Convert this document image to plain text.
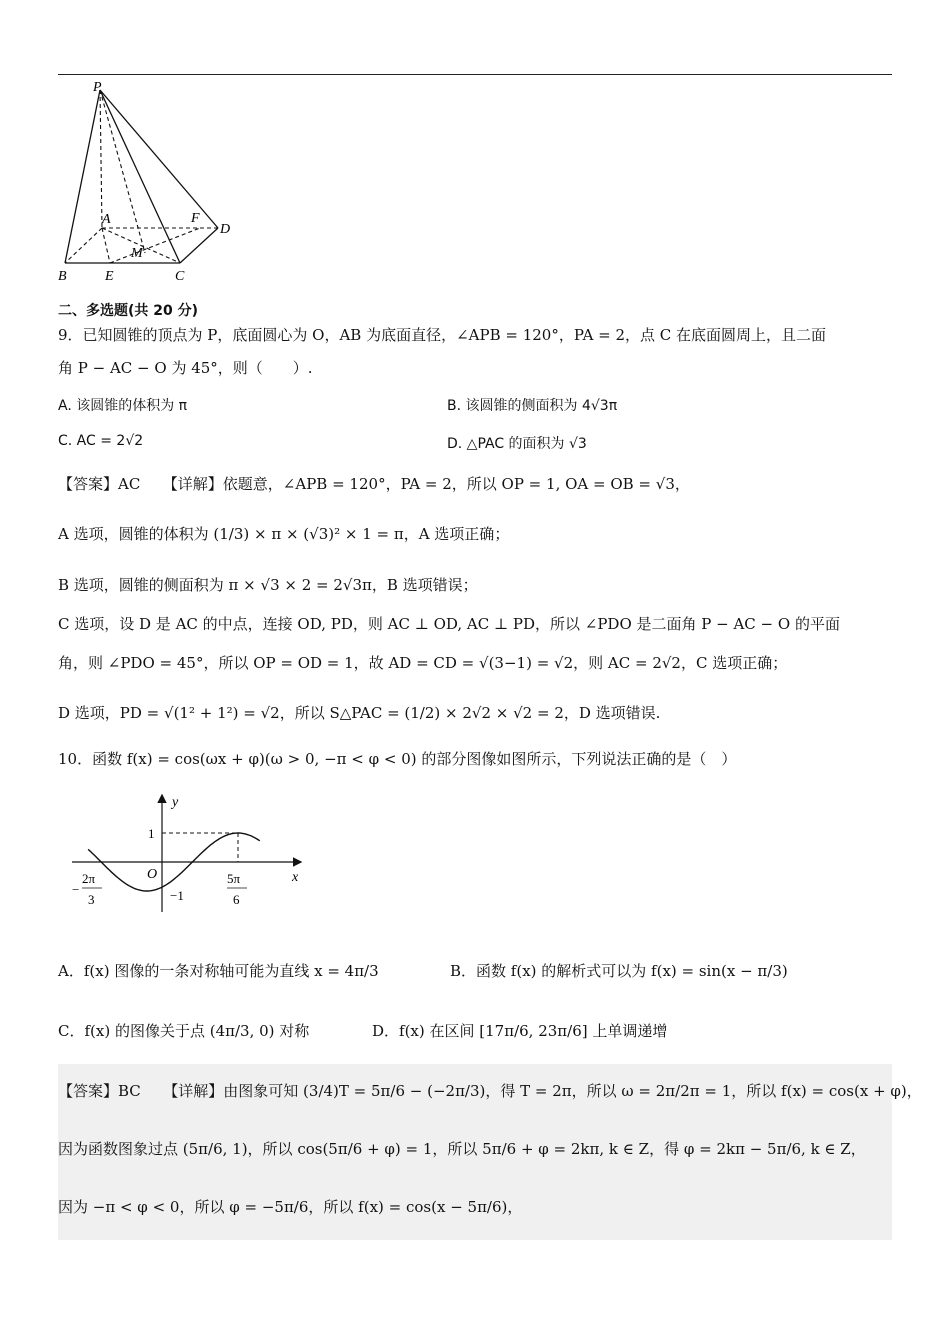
P
A	F
D
M
B	E	C
二、多选题(共 20 分)
9．已知圆锥的顶点为 P，底面圆心为 O，AB 为底面直径，∠APB = 120°，PA = 2，点 C 在底面圆周上，且二面
角 P − AC − O 为 45°，则（　　）.
A. 该圆锥的体积为 π	B. 该圆锥的侧面积为 4√3π
C. AC = 2√2	D. △PAC 的面积为 √3
【答案】AC　　【详解】依题意，∠APB = 120°，PA = 2，所以 OP = 1, OA = OB = √3，
A 选项，圆锥的体积为 (1/3) × π × (√3)² × 1 = π，A 选项正确；
B 选项，圆锥的侧面积为 π × √3 × 2 = 2√3π，B 选项错误；
C 选项，设 D 是 AC 的中点，连接 OD, PD，则 AC ⊥ OD, AC ⊥ PD，所以 ∠PDO 是二面角 P − AC − O 的平面
角，则 ∠PDO = 45°，所以 OP = OD = 1，故 AD = CD = √(3−1) = √2，则 AC = 2√2，C 选项正确；
D 选项，PD = √(1² + 1²) = √2，所以 S△PAC = (1/2) × 2√2 × √2 = 2，D 选项错误.
10．函数 f(x) = cos(ωx + φ)(ω > 0, −π < φ < 0) 的部分图像如图所示，下列说法正确的是（　）
y
x
O
1
−1
−
2π
3
5π
6
A．f(x) 图像的一条对称轴可能为直线 x = 4π/3	B．函数 f(x) 的解析式可以为 f(x) = sin(x − π/3)
C．f(x) 的图像关于点 (4π/3, 0) 对称	D．f(x) 在区间 [17π/6, 23π/6] 上单调递增
【答案】BC　　【详解】由图象可知 (3/4)T = 5π/6 − (−2π/3)，得 T = 2π，所以 ω = 2π/2π = 1，所以 f(x) = cos(x + φ)，
因为函数图象过点 (5π/6, 1)，所以 cos(5π/6 + φ) = 1，所以 5π/6 + φ = 2kπ, k ∈ Z，得 φ = 2kπ − 5π/6, k ∈ Z，
因为 −π < φ < 0，所以 φ = −5π/6，所以 f(x) = cos(x − 5π/6)，
